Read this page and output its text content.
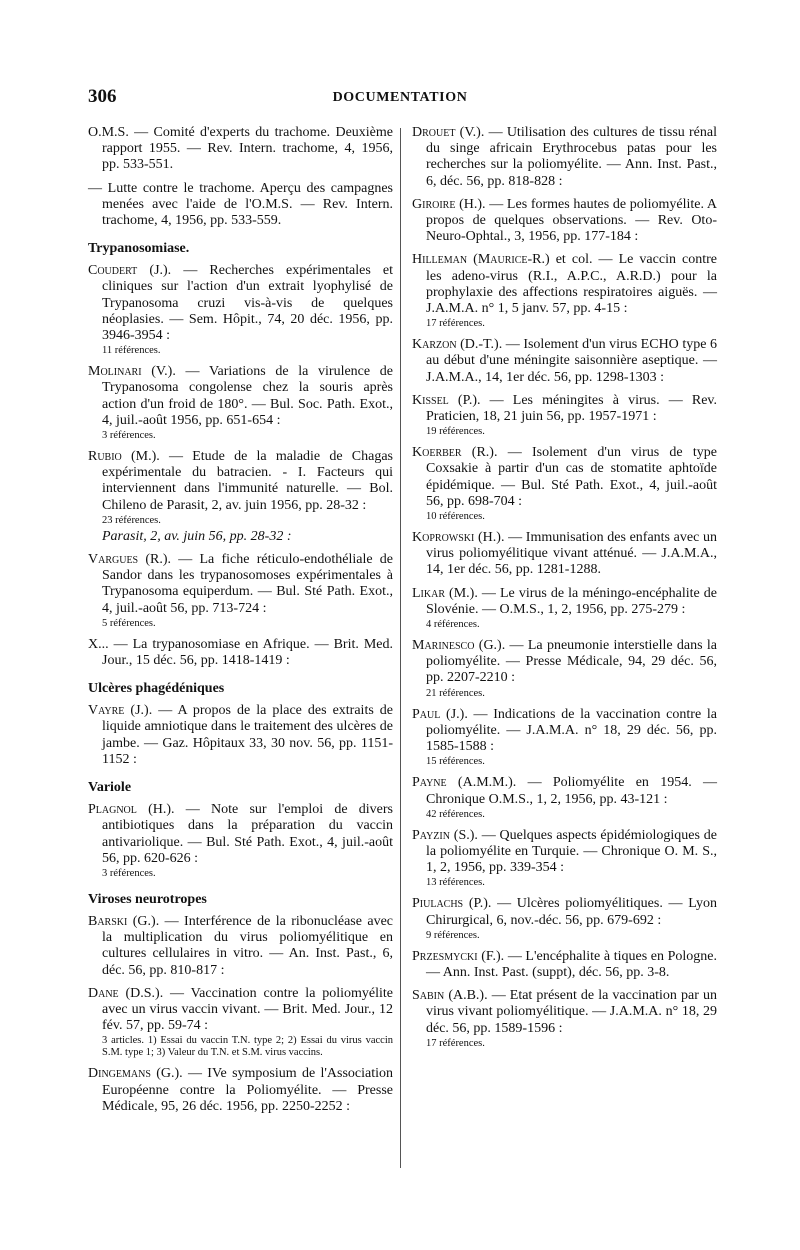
306	DOCUMENTATION
O.M.S. — Comité d'experts du trachome. Deuxième rapport 1955. — Rev. Intern. trachome, 4, 1956, pp. 533-551.
— Lutte contre le trachome. Aperçu des campagnes menées avec l'aide de l'O.M.S. — Rev. Intern. trachome, 4, 1956, pp. 533-559.
Trypanosomiase.
Coudert (J.). — Recherches expérimentales et cliniques sur l'action d'un extrait lyophylisé de Trypanosoma cruzi vis-à-vis de quelques néoplasies. — Sem. Hôpit., 74, 20 déc. 1956, pp. 3946-3954 :
11 références.
Molinari (V.). — Variations de la virulence de Trypanosoma congolense chez la souris après action d'un froid de 180°. — Bul. Soc. Path. Exot., 4, juil.-août 1956, pp. 651-654 :
3 références.
Rubio (M.). — Etude de la maladie de Chagas expérimentale du batracien. - I. Facteurs qui interviennent dans l'immunité naturelle. — Bol. Chileno de Parasit, 2, av. juin 1956, pp. 28-32 :
23 références.
Parasit, 2, av. juin 56, pp. 28-32 :
Vargues (R.). — La fiche réticulo-endothéliale de Sandor dans les trypanosomoses expérimentales à Trypanosoma equiperdum. — Bul. Sté Path. Exot., 4, juil.-août 56, pp. 713-724 :
5 références.
X... — La trypanosomiase en Afrique. — Brit. Med. Jour., 15 déc. 56, pp. 1418-1419 :
Ulcères phagédéniques
Vayre (J.). — A propos de la place des extraits de liquide amniotique dans le traitement des ulcères de jambe. — Gaz. Hôpitaux 33, 30 nov. 56, pp. 1151-1152 :
Variole
Plagnol (H.). — Note sur l'emploi de divers antibiotiques dans la préparation du vaccin antivariolique. — Bul. Sté Path. Exot., 4, juil.-août 56, pp. 620-626 :
3 références.
Viroses neurotropes
Barski (G.). — Interférence de la ribonucléase avec la multiplication du virus poliomyélitique en cultures cellulaires in vitro. — An. Inst. Past., 6, déc. 56, pp. 810-817 :
Dane (D.S.). — Vaccination contre la poliomyélite avec un virus vaccin vivant. — Brit. Med. Jour., 12 fév. 57, pp. 59-74 :
3 articles. 1) Essai du vaccin T.N. type 2; 2) Essai du virus vaccin S.M. type 1; 3) Valeur du T.N. et S.M. virus vaccins.
Dingemans (G.). — IVe symposium de l'Association Européenne contre la Poliomyélite. — Presse Médicale, 95, 26 déc. 1956, pp. 2250-2252 :
Drouet (V.). — Utilisation des cultures de tissu rénal du singe africain Erythrocebus patas pour les recherches sur la poliomyélite. — Ann. Inst. Past., 6, déc. 56, pp. 818-828 :
Giroire (H.). — Les formes hautes de poliomyélite. A propos de quelques observations. — Rev. Oto-Neuro-Ophtal., 3, 1956, pp. 177-184 :
Hilleman (Maurice-R.) et col. — Le vaccin contre les adeno-virus (R.I., A.P.C., A.R.D.) pour la prophylaxie des affections respiratoires aiguës. — J.A.M.A. n° 1, 5 janv. 57, pp. 4-15 :
17 références.
Karzon (D.-T.). — Isolement d'un virus ECHO type 6 au début d'une méningite saisonnière aseptique. — J.A.M.A., 14, 1er déc. 56, pp. 1298-1303 :
Kissel (P.). — Les méningites à virus. — Rev. Praticien, 18, 21 juin 56, pp. 1957-1971 :
19 références.
Koerber (R.). — Isolement d'un virus de type Coxsakie à partir d'un cas de stomatite aphtoïde épidémique. — Bul. Sté Path. Exot., 4, juil.-août 56, pp. 698-704 :
10 références.
Koprowski (H.). — Immunisation des enfants avec un virus poliomyélitique vivant atténué. — J.A.M.A., 14, 1er déc. 56, pp. 1281-1288.
Likar (M.). — Le virus de la méningo-encéphalite de Slovénie. — O.M.S., 1, 2, 1956, pp. 275-279 :
4 références.
Marinesco (G.). — La pneumonie interstielle dans la poliomyélite. — Presse Médicale, 94, 29 déc. 56, pp. 2207-2210 :
21 références.
Paul (J.). — Indications de la vaccination contre la poliomyélite. — J.A.M.A. n° 18, 29 déc. 56, pp. 1585-1588 :
15 références.
Payne (A.M.M.). — Poliomyélite en 1954. — Chronique O.M.S., 1, 2, 1956, pp. 43-121 :
42 références.
Payzin (S.). — Quelques aspects épidémiologiques de la poliomyélite en Turquie. — Chronique O. M. S., 1, 2, 1956, pp. 339-354 :
13 références.
Piulachs (P.). — Ulcères poliomyélitiques. — Lyon Chirurgical, 6, nov.-déc. 56, pp. 679-692 :
9 références.
Przesmycki (F.). — L'encéphalite à tiques en Pologne. — Ann. Inst. Past. (suppt), déc. 56, pp. 3-8.
Sabin (A.B.). — Etat présent de la vaccination par un virus vivant poliomyélitique. — J.A.M.A. n° 18, 29 déc. 56, pp. 1589-1596 :
17 références.
